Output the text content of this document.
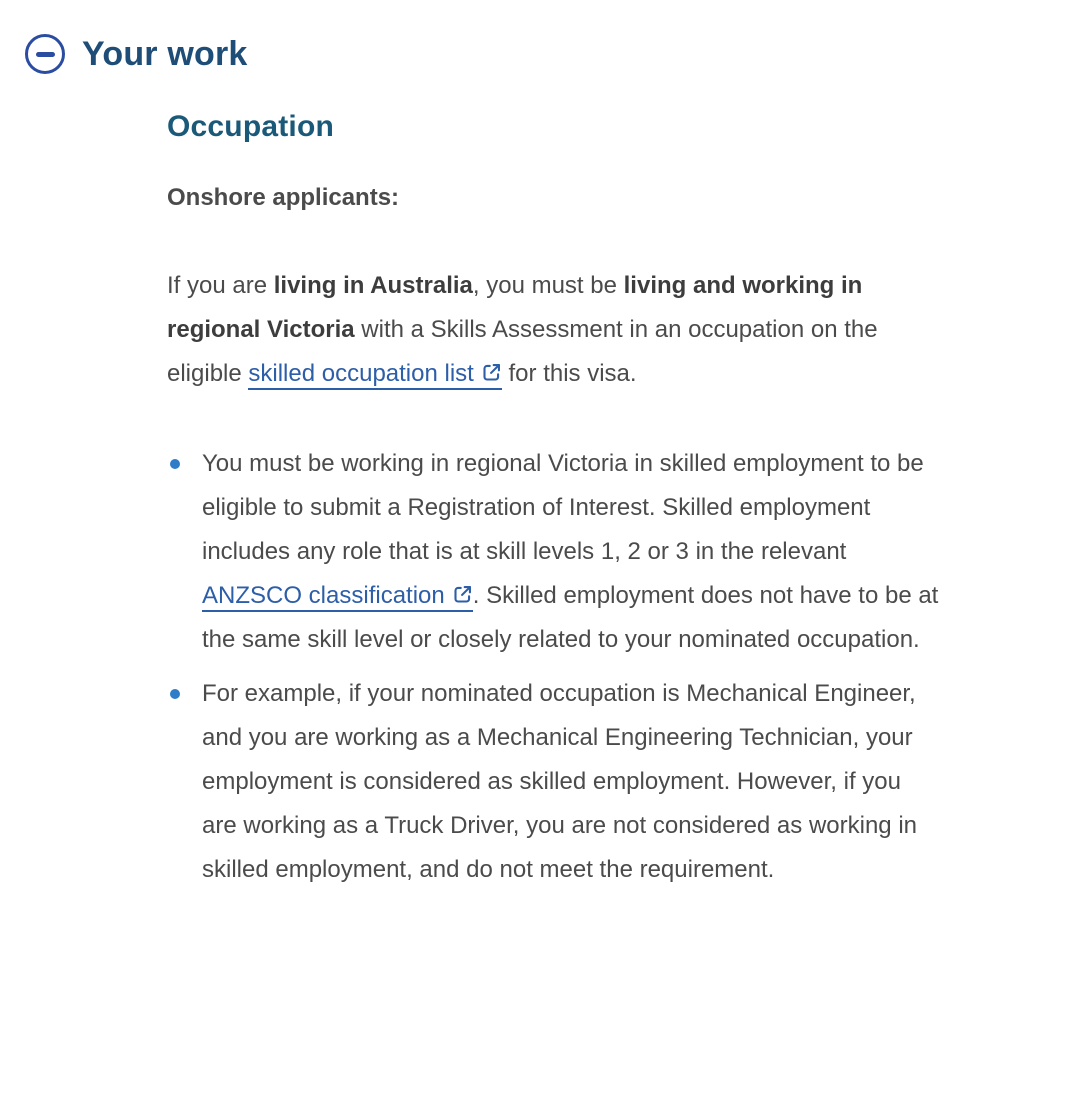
Your work
Occupation

Onshore applicants:

If you are living in Australia, you must be living and working in regional Victoria with a Skills Assessment in an occupation on the eligible skilled occupation list
for this visa.

You must be working in regional Victoria in skilled employment to be eligible to submit a Registration of Interest. Skilled employment includes any role that is at skill levels 1, 2 or 3 in the relevant ANZSCO classification . Skilled employment does not have to be at the same skill level or closely related to your nominated occupation.
For example, if your nominated occupation is Mechanical Engineer, and you are working as a Mechanical Engineering Technician, your employment is considered as skilled employment. However, if you are working as a Truck Driver, you are not considered as working in skilled employment, and do not meet the requirement.
